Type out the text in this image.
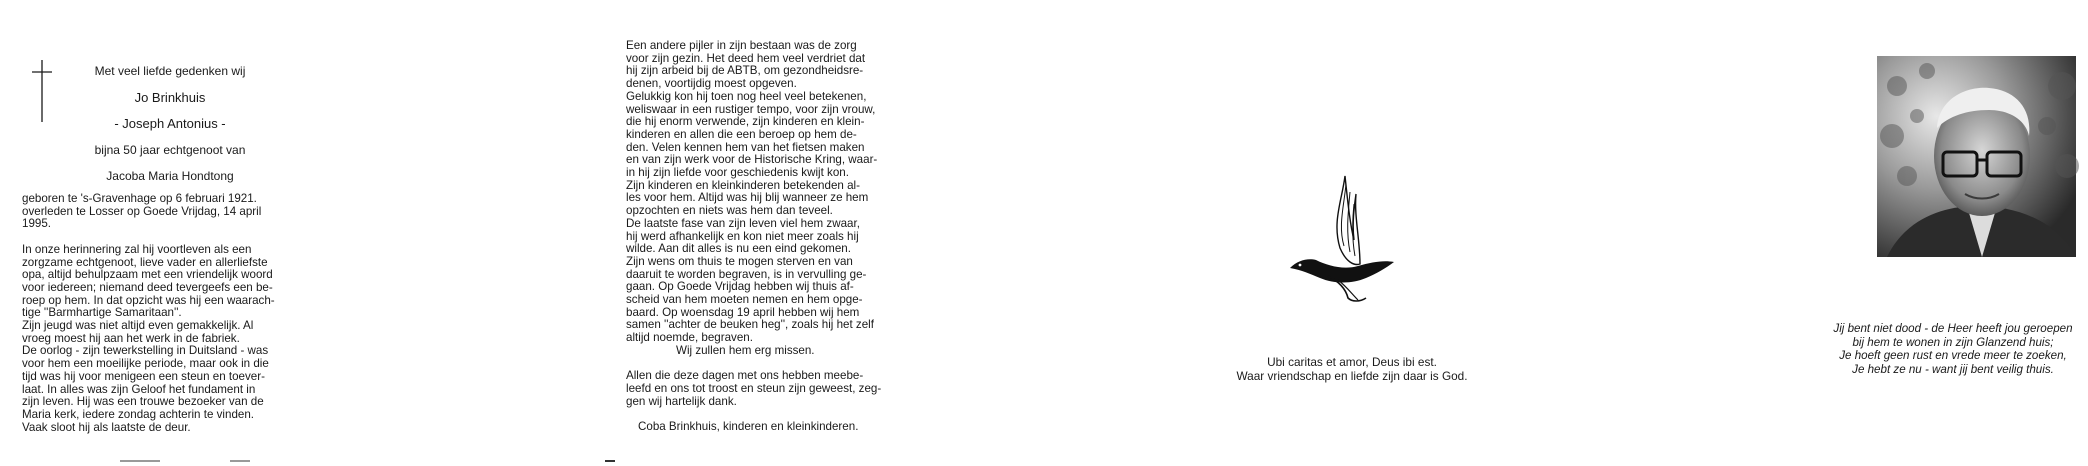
Met veel liefde gedenken wij
Jo Brinkhuis
- Joseph Antonius -
bijna 50 jaar echtgenoot van
Jacoba Maria Hondtong
geboren te 's-Gravenhage op 6 februari 1921.
overleden te Losser op Goede Vrijdag, 14 april
1995.
In onze herinnering zal hij voortleven als een
zorgzame echtgenoot, lieve vader en allerliefste
opa, altijd behulpzaam met een vriendelijk woord
voor iedereen; niemand deed tevergeefs een be-
roep op hem. In dat opzicht was hij een waarach-
tige ''Barmhartige Samaritaan''.
Zijn jeugd was niet altijd even gemakkelijk. Al
vroeg moest hij aan het werk in de fabriek.
De oorlog - zijn tewerkstelling in Duitsland - was
voor hem een moeilijke periode, maar ook in die
tijd was hij voor menigeen een steun en toever-
laat. In alles was zijn Geloof het fundament in
zijn leven. Hij was een trouwe bezoeker van de
Maria kerk, iedere zondag achterin te vinden.
Vaak sloot hij als laatste de deur.
Een andere pijler in zijn bestaan was de zorg
voor zijn gezin. Het deed hem veel verdriet dat
hij zijn arbeid bij de ABTB, om gezondheidsre-
denen, voortijdig moest opgeven.
Gelukkig kon hij toen nog heel veel betekenen,
weliswaar in een rustiger tempo, voor zijn vrouw,
die hij enorm verwende, zijn kinderen en klein-
kinderen en allen die een beroep op hem de-
den. Velen kennen hem van het fietsen maken
en van zijn werk voor de Historische Kring, waar-
in hij zijn liefde voor geschiedenis kwijt kon.
Zijn kinderen en kleinkinderen betekenden al-
les voor hem. Altijd was hij blij wanneer ze hem
opzochten en niets was hem dan teveel.
De laatste fase van zijn leven viel hem zwaar,
hij werd afhankelijk en kon niet meer zoals hij
wilde. Aan dit alles is nu een eind gekomen.
Zijn wens om thuis te mogen sterven en van
daaruit te worden begraven, is in vervulling ge-
gaan. Op Goede Vrijdag hebben wij thuis af-
scheid van hem moeten nemen en hem opge-
baard. Op woensdag 19 april hebben wij hem
samen ''achter de beuken heg'', zoals hij het zelf
altijd noemde, begraven.
Wij zullen hem erg missen.
Allen die deze dagen met ons hebben meebe-
leefd en ons tot troost en steun zijn geweest, zeg-
gen wij hartelijk dank.
Coba Brinkhuis, kinderen en kleinkinderen.
Ubi caritas et amor, Deus ibi est.
Waar vriendschap en liefde zijn daar is God.
Jij bent niet dood - de Heer heeft jou geroepen
bij hem te wonen in zijn Glanzend huis;
Je hoeft geen rust en vrede meer te zoeken,
Je hebt ze nu - want jij bent veilig thuis.
